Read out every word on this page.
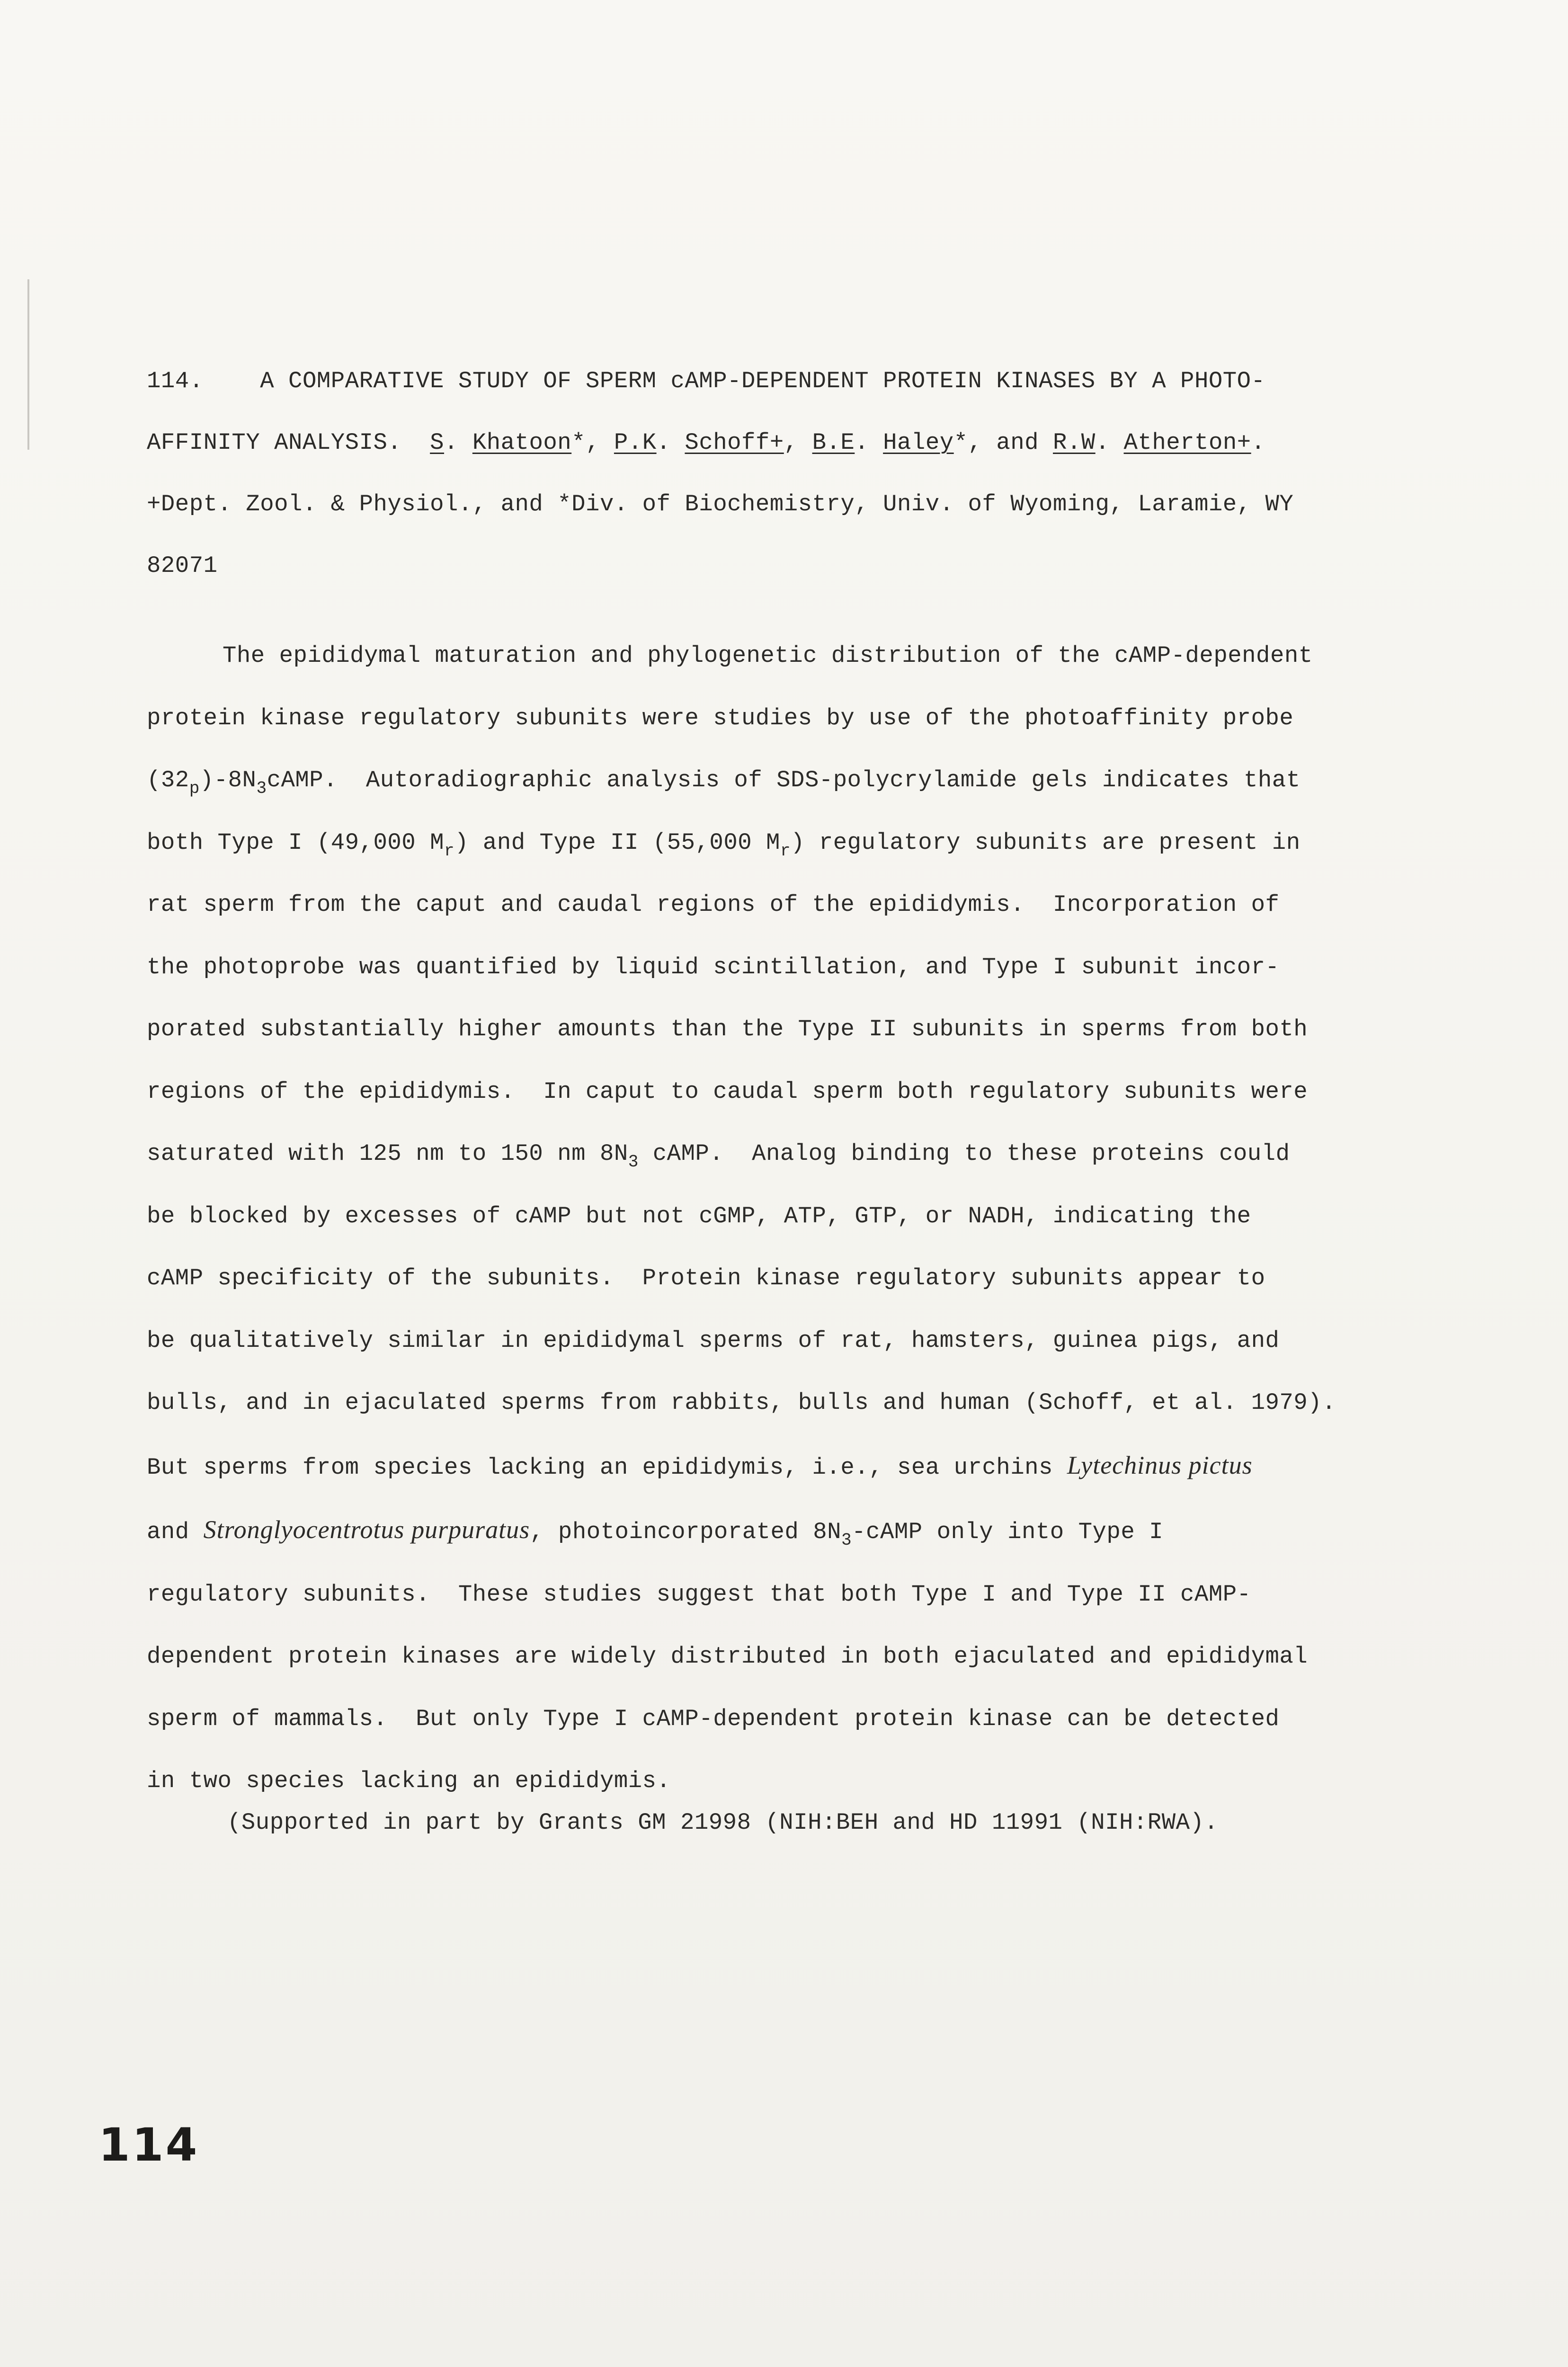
114. A COMPARATIVE STUDY OF SPERM cAMP-DEPENDENT PROTEIN KINASES BY A PHOTO-
AFFINITY ANALYSIS. S. Khatoon*, P.K. Schoff+, B.E. Haley*, and R.W. Atherton+.
+Dept. Zool. & Physiol., and *Div. of Biochemistry, Univ. of Wyoming, Laramie, WY
82071
The epididymal maturation and phylogenetic distribution of the cAMP-dependent
protein kinase regulatory subunits were studies by use of the photoaffinity probe
$(32_p)-8N_3cAMP$.  Autoradiographic analysis of SDS-polycrylamide gels indicates that
both Type I (49,000 $M_r$) and Type II (55,000 $M_r$) regulatory subunits are present in
rat sperm from the caput and caudal regions of the epididymis.  Incorporation of
the photoprobe was quantified by liquid scintillation, and Type I subunit incor-
porated substantially higher amounts than the Type II subunits in sperms from both
regions of the epididymis.  In caput to caudal sperm both regulatory subunits were
saturated with 125 nm to 150 nm $8N_3$ cAMP.  Analog binding to these proteins could
be blocked by excesses of cAMP but not cGMP, ATP, GTP, or NADH, indicating the
cAMP specificity of the subunits.  Protein kinase regulatory subunits appear to
be qualitatively similar in epididymal sperms of rat, hamsters, guinea pigs, and
bulls, and in ejaculated sperms from rabbits, bulls and human (Schoff, et al. 1979).
But sperms from species lacking an epididymis, i.e., sea urchins Lytechinus pictus
and Stronglyocentrotus purpuratus, photoincorporated $8N_3$-cAMP only into Type I
regulatory subunits.  These studies suggest that both Type I and Type II cAMP-
dependent protein kinases are widely distributed in both ejaculated and epididymal
sperm of mammals.  But only Type I cAMP-dependent protein kinase can be detected
in two species lacking an epididymis.
(Supported in part by Grants GM 21998 (NIH:BEH and HD 11991 (NIH:RWA).
114
